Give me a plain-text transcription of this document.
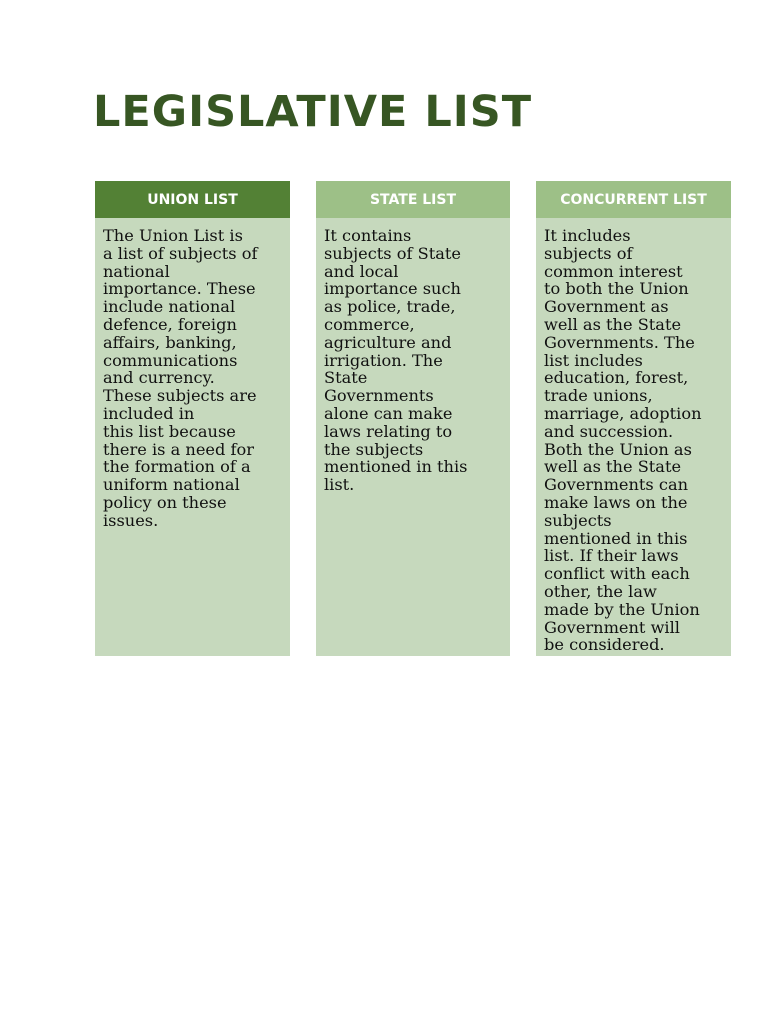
LEGISLATIVE LIST
UNION LIST
The Union List is
a list of subjects of
national
importance. These
include national
defence, foreign
affairs, banking,
communications
and currency.
These subjects are
included in
this list because
there is a need for
the formation of a
uniform national
policy on these
issues.
STATE LIST
It contains
subjects of State
and local
importance such
as police, trade,
commerce,
agriculture and
irrigation. The
State
Governments
alone can make
laws relating to
the subjects
mentioned in this
list.
CONCURRENT LIST
It includes
subjects of
common interest
to both the Union
Government as
well as the State
Governments. The
list includes
education, forest,
trade unions,
marriage, adoption
and succession.
Both the Union as
well as the State
Governments can
make laws on the
subjects
mentioned in this
list. If their laws
conflict with each
other, the law
made by the Union
Government will
be considered.
